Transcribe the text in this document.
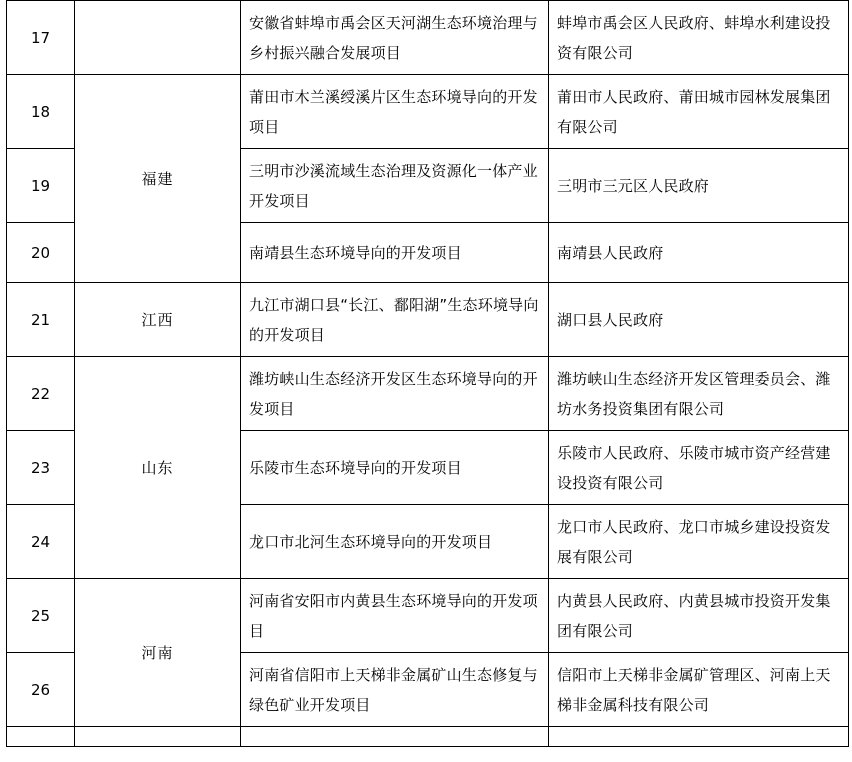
17		安徽省蚌埠市禹会区天河湖生态环境治理与乡村振兴融合发展项目	蚌埠市禹会区人民政府、蚌埠水利建设投资有限公司
18	福建	莆田市木兰溪绶溪片区生态环境导向的开发项目	莆田市人民政府、莆田城市园林发展集团有限公司
19		三明市沙溪流域生态治理及资源化一体产业开发项目	三明市三元区人民政府
20		南靖县生态环境导向的开发项目	南靖县人民政府
21	江西	九江市湖口县“长江、鄱阳湖”生态环境导向的开发项目	湖口县人民政府
22	山东	潍坊峡山生态经济开发区生态环境导向的开发项目	潍坊峡山生态经济开发区管理委员会、潍坊水务投资集团有限公司
23		乐陵市生态环境导向的开发项目	乐陵市人民政府、乐陵市城市资产经营建设投资有限公司
24		龙口市北河生态环境导向的开发项目	龙口市人民政府、龙口市城乡建设投资发展有限公司
25	河南	河南省安阳市内黄县生态环境导向的开发项目	内黄县人民政府、内黄县城市投资开发集团有限公司
26		河南省信阳市上天梯非金属矿山生态修复与绿色矿业开发项目	信阳市上天梯非金属矿管理区、河南上天梯非金属科技有限公司
